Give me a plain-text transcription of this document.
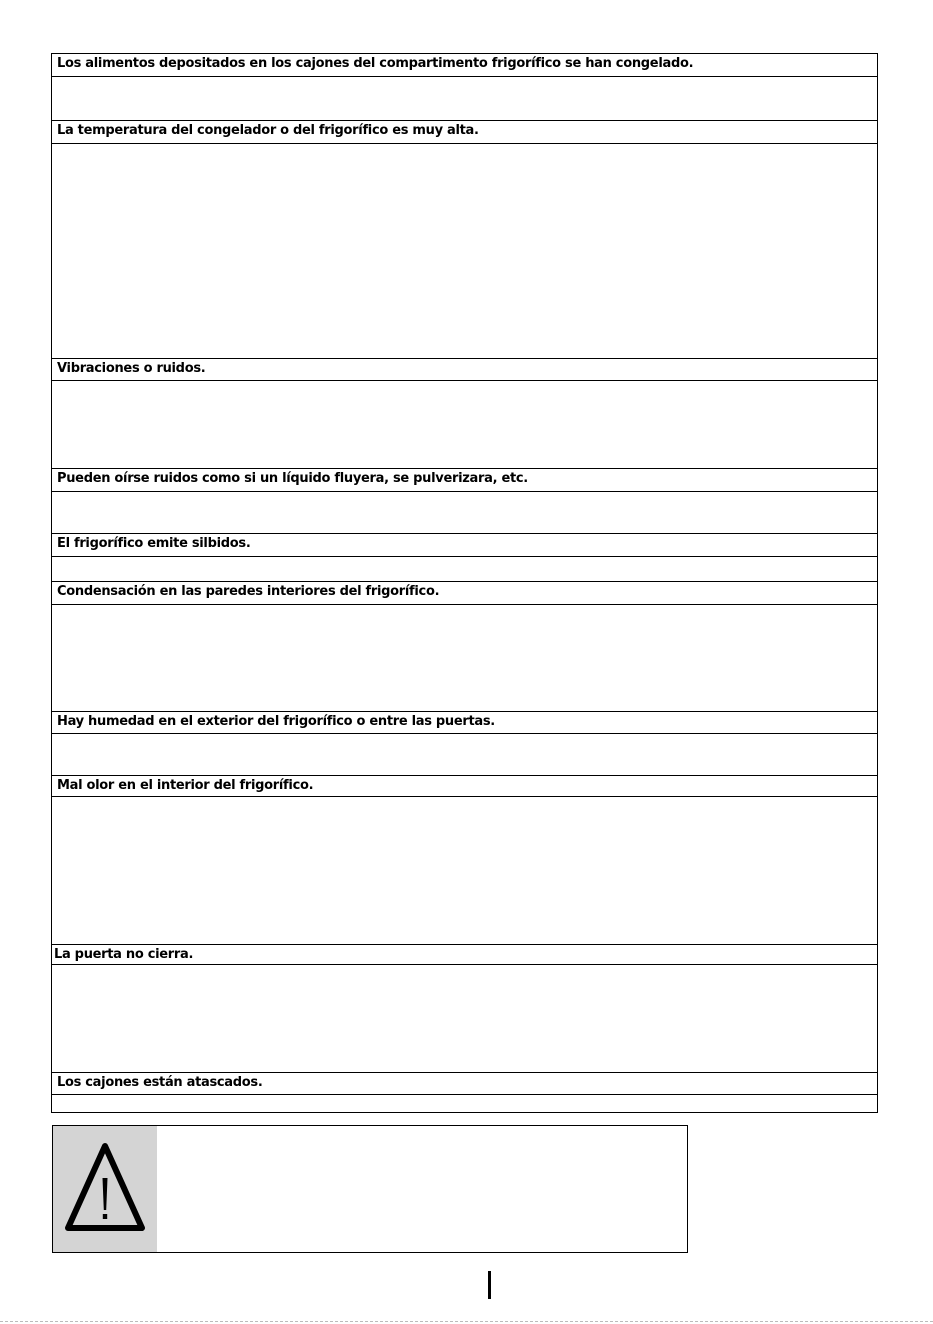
Los alimentos depositados en los cajones del compartimento frigorífico se han congelado.
La temperatura del congelador o del frigorífico es muy alta.
Vibraciones o ruidos.
Pueden oírse ruidos como si un líquido fluyera, se pulverizara, etc.
El frigorífico emite silbidos.
Condensación en las paredes interiores del frigorífico.
Hay humedad en el exterior del frigorífico o entre las puertas.
Mal olor en el interior del frigorífico.
La puerta no cierra.
Los cajones están atascados.
